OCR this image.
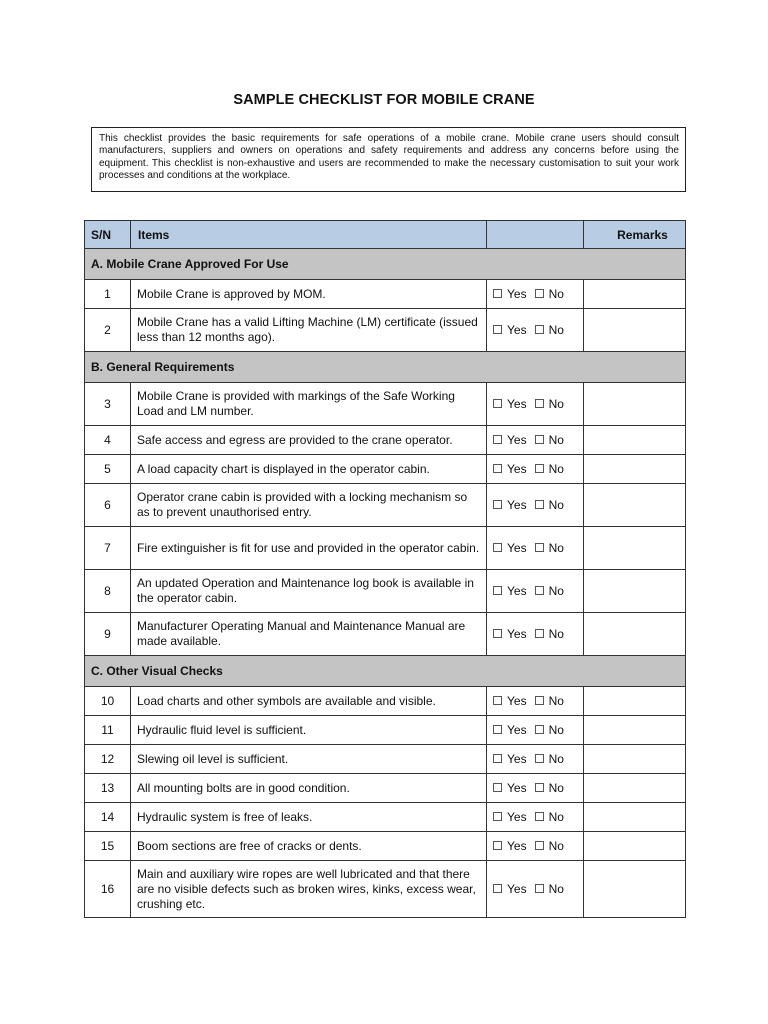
SAMPLE CHECKLIST FOR MOBILE CRANE
This checklist provides the basic requirements for safe operations of a mobile crane. Mobile crane users should consult manufacturers, suppliers and owners on operations and safety requirements and address any concerns before using the equipment. This checklist is non-exhaustive and users are recommended to make the necessary customisation to suit your work processes and conditions at the workplace.
S/N	Items		Remarks
A. Mobile Crane Approved For Use			
1	Mobile Crane is approved by MOM.	Yes No	
2	Mobile Crane has a valid Lifting Machine (LM) certificate (issued less than 12 months ago).	Yes No	
B. General Requirements			
3	Mobile Crane is provided with markings of the Safe Working Load and LM number.	Yes No	
4	Safe access and egress are provided to the crane operator.	Yes No	
5	A load capacity chart is displayed in the operator cabin.	Yes No	
6	Operator crane cabin is provided with a locking mechanism so as to prevent unauthorised entry.	Yes No	
7	Fire extinguisher is fit for use and provided in the operator cabin.	Yes No	
8	An updated Operation and Maintenance log book is available in the operator cabin.	Yes No	
9	Manufacturer Operating Manual and Maintenance Manual are made available.	Yes No	
C. Other Visual Checks			
10	Load charts and other symbols are available and visible.	Yes No	
11	Hydraulic fluid level is sufficient.	Yes No	
12	Slewing oil level is sufficient.	Yes No	
13	All mounting bolts are in good condition.	Yes No	
14	Hydraulic system is free of leaks.	Yes No	
15	Boom sections are free of cracks or dents.	Yes No	
16	Main and auxiliary wire ropes are well lubricated and that there are no visible defects such as broken wires, kinks, excess wear, crushing etc.	Yes No	
